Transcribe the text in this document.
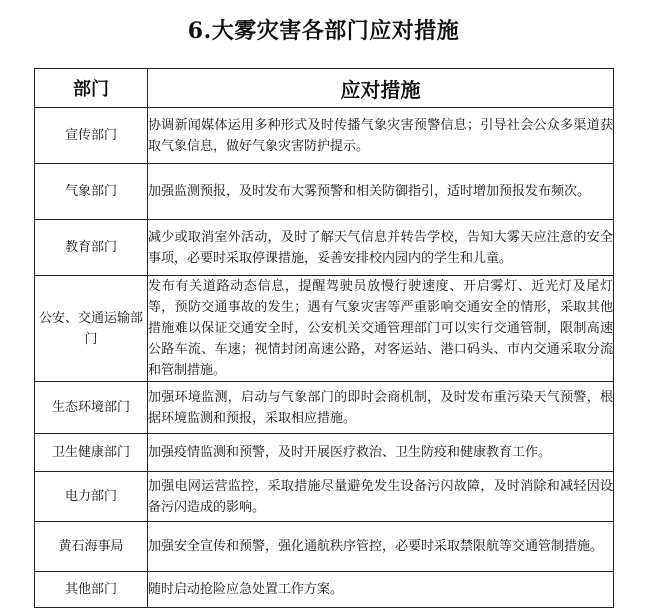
6.大雾灾害各部门应对措施
部门	应对措施
宣传部门	协调新闻媒体运用多种形式及时传播气象灾害预警信息；引导社会公众多渠道获取气象信息，做好气象灾害防护提示。
气象部门	加强监测预报，及时发布大雾预警和相关防御指引，适时增加预报发布频次。
教育部门	减少或取消室外活动，及时了解天气信息并转告学校，告知大雾天应注意的安全事项，必要时采取停课措施，妥善安排校内园内的学生和儿童。
公安、交通运输部门	发布有关道路动态信息，提醒驾驶员放慢行驶速度、开启雾灯、近光灯及尾灯等，预防交通事故的发生；遇有气象灾害等严重影响交通安全的情形，采取其他措施难以保证交通安全时，公安机关交通管理部门可以实行交通管制，限制高速公路车流、车速；视情封闭高速公路，对客运站、港口码头、市内交通采取分流和管制措施。
生态环境部门	加强环境监测，启动与气象部门的即时会商机制，及时发布重污染天气预警，根据环境监测和预报，采取相应措施。
卫生健康部门	加强疫情监测和预警，及时开展医疗救治、卫生防疫和健康教育工作。
电力部门	加强电网运营监控，采取措施尽量避免发生设备污闪故障，及时消除和减轻因设备污闪造成的影响。
黄石海事局	加强安全宣传和预警，强化通航秩序管控，必要时采取禁限航等交通管制措施。
其他部门	随时启动抢险应急处置工作方案。
